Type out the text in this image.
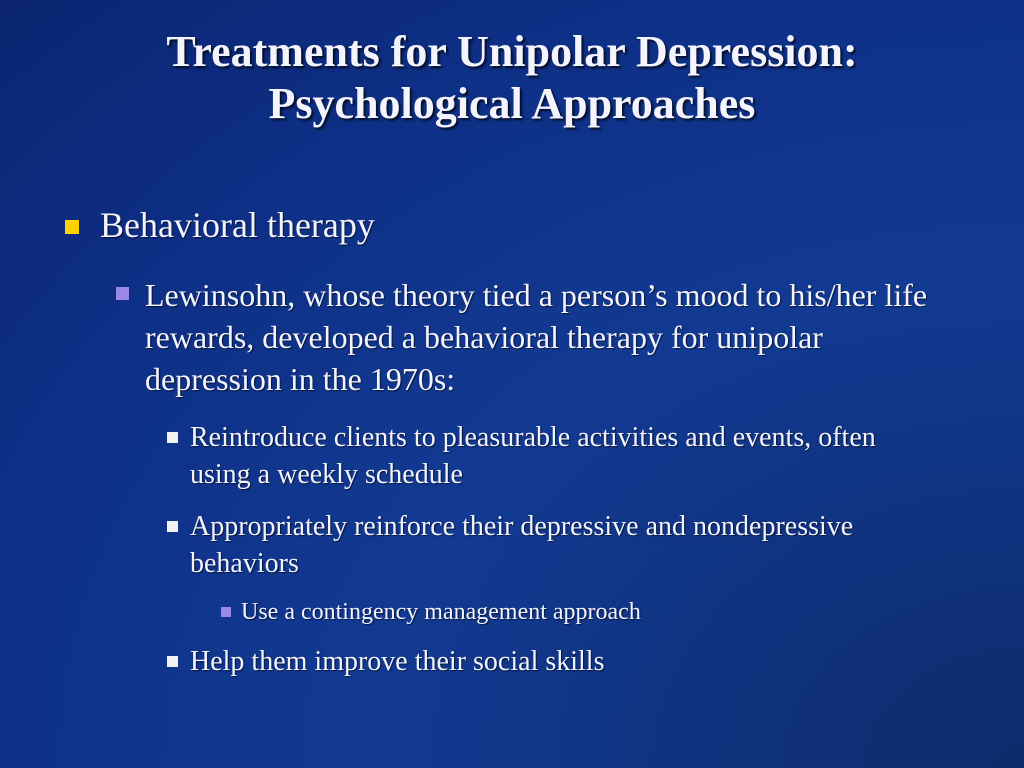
Treatments for Unipolar Depression:
Psychological Approaches
Behavioral therapy
Lewinsohn, whose theory tied a person’s mood to his/her life rewards, developed a behavioral therapy for unipolar depression in the 1970s:
Reintroduce clients to pleasurable activities and events, often using a weekly schedule
Appropriately reinforce their depressive and nondepressive behaviors
Use a contingency management approach
Help them improve their social skills
